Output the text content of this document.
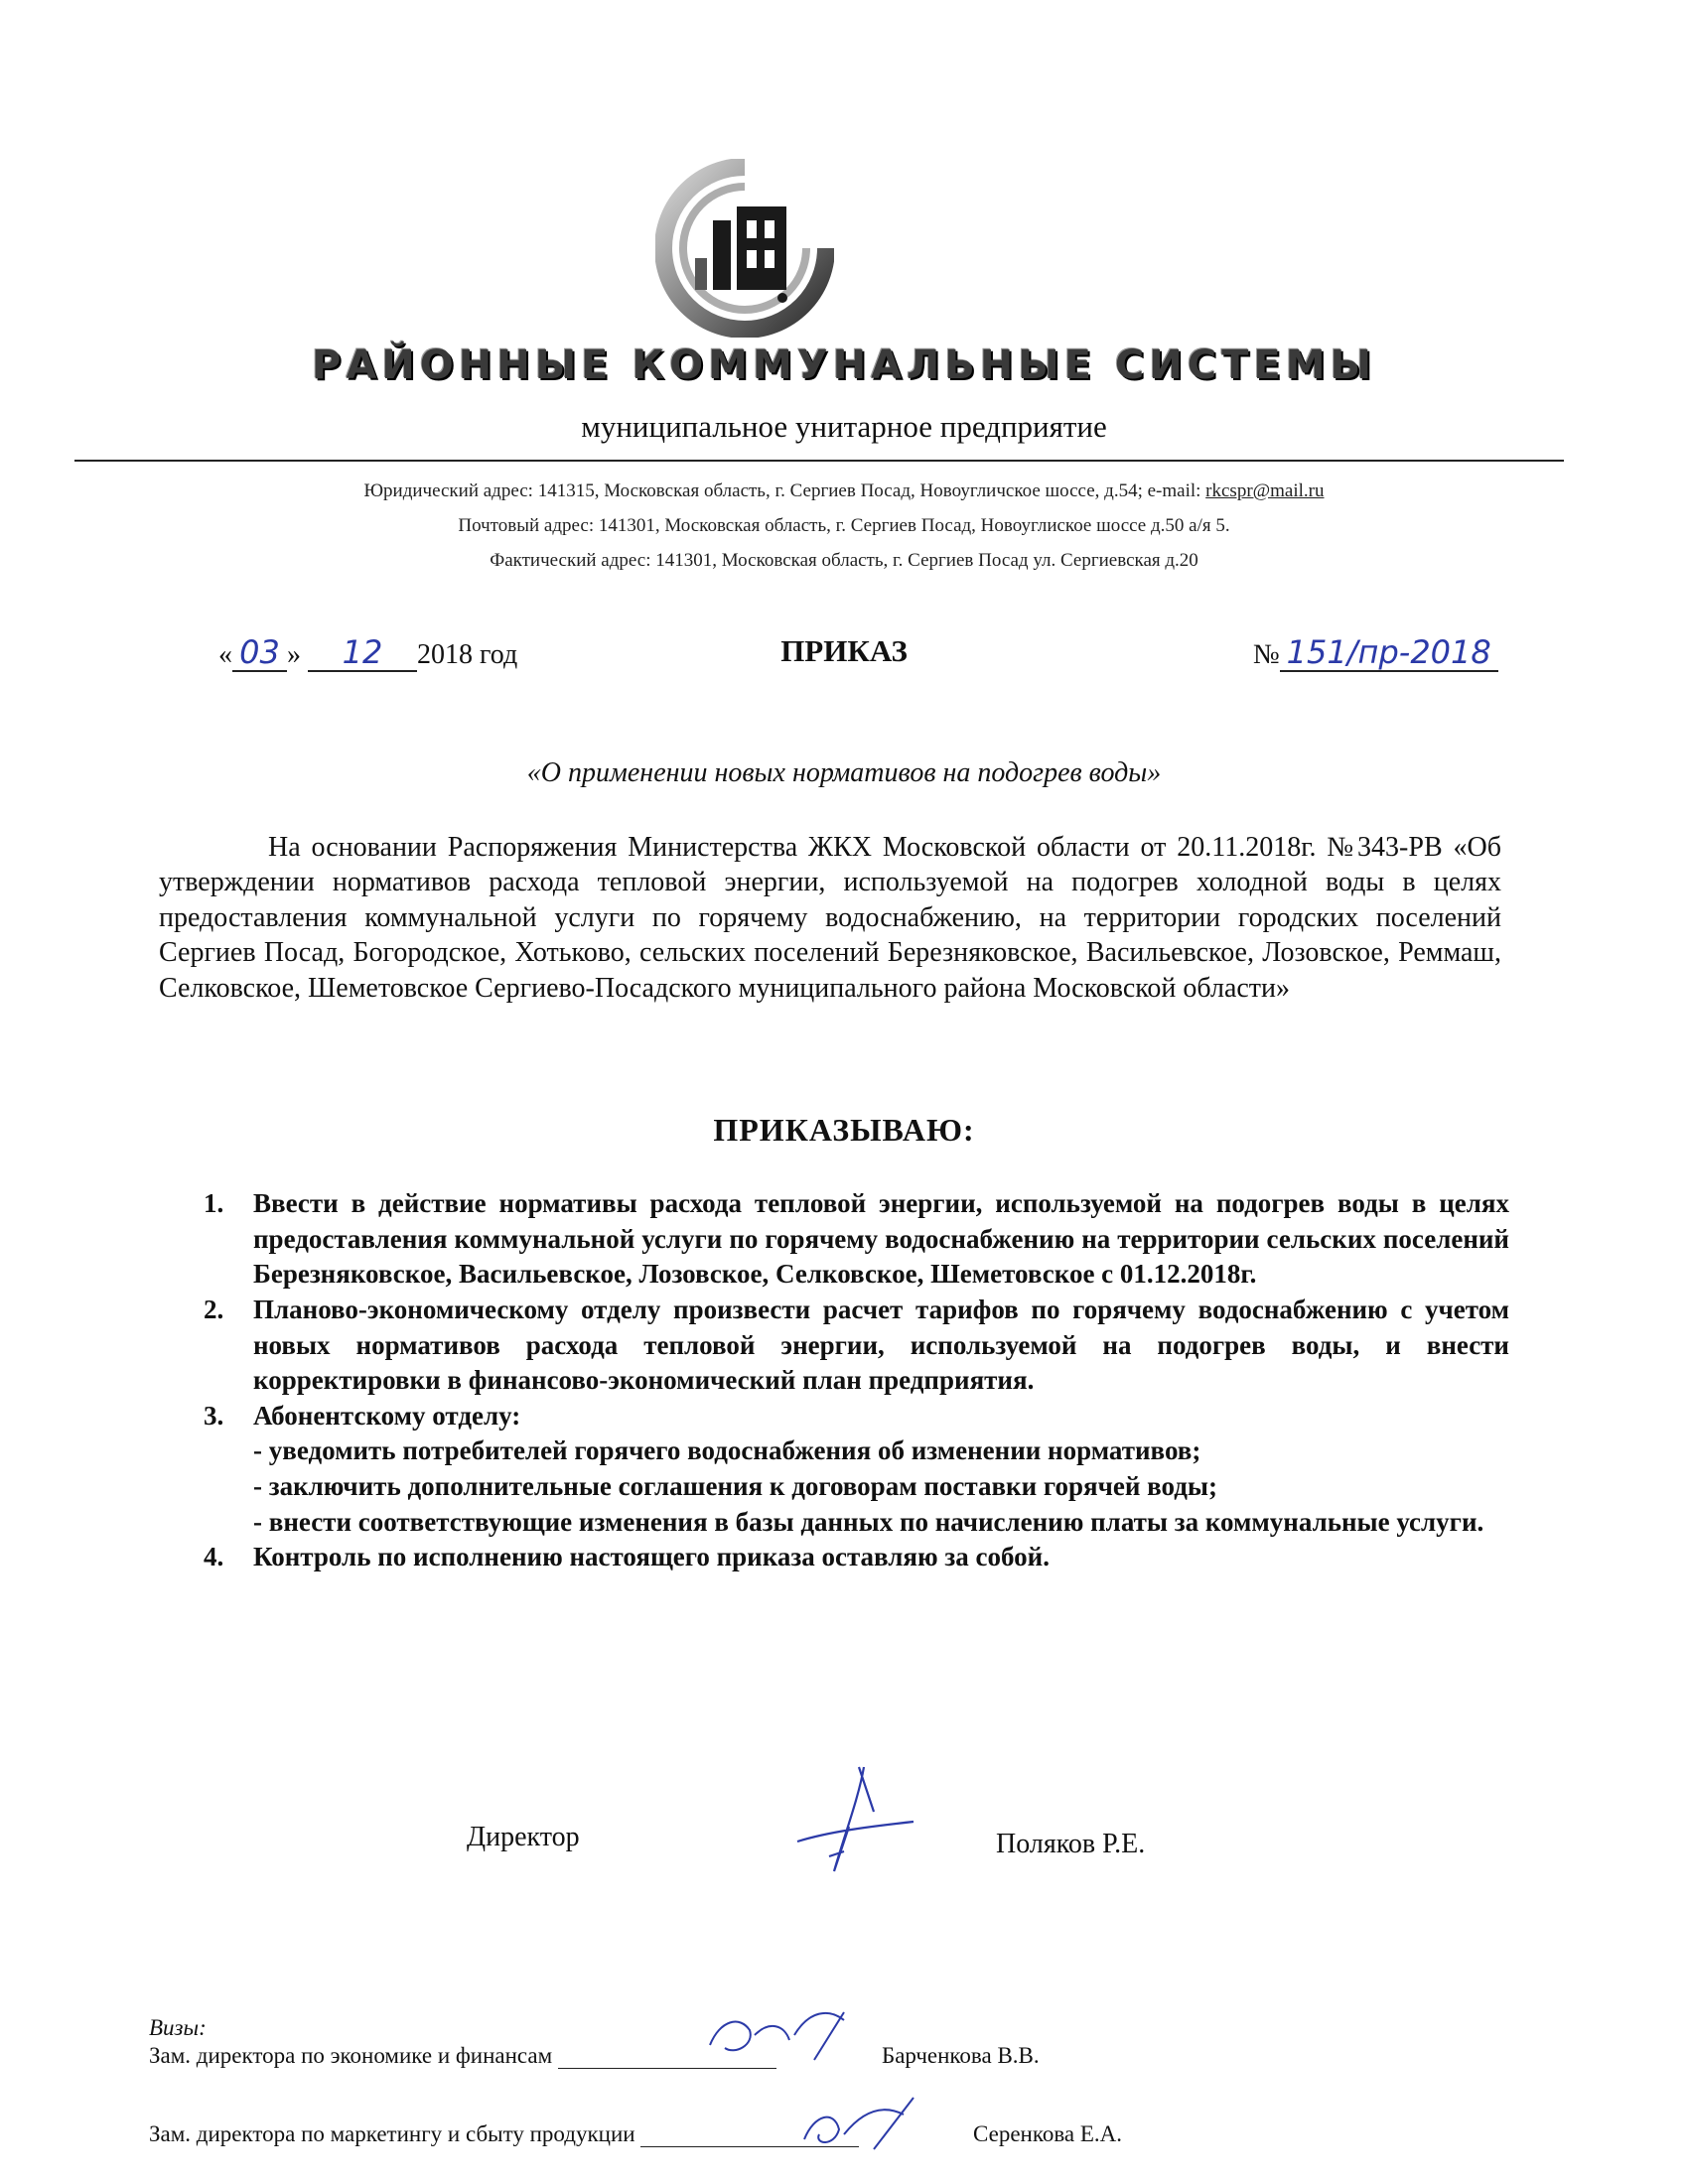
РАЙОННЫЕ КОММУНАЛЬНЫЕ СИСТЕМЫ
муниципальное унитарное предприятие
Юридический адрес: 141315, Московская область, г. Сергиев Посад, Новоугличское шоссе, д.54; e-mail: rkсspr@mail.ru
Почтовый адрес: 141301, Московская область, г. Сергиев Посад, Новоуглиское шоссе д.50 а/я 5.
Фактический адрес: 141301, Московская область, г. Сергиев Посад ул. Сергиевская д.20
« 03 » 12 2018 год	ПРИКАЗ	№ 151/пр-2018
«О применении новых нормативов на подогрев воды»

На основании Распоряжения Министерства ЖКХ Московской области от 20.11.2018г. №343-РВ «Об утверждении нормативов расхода тепловой энергии, используемой на подогрев холодной воды в целях предоставления коммунальной услуги по горячему водоснабжению, на территории городских поселений Сергиев Посад, Богородское, Хотьково, сельских поселений Березняковское, Васильевское, Лозовское, Реммаш, Селковское, Шеметовское Сергиево-Посадского муниципального района Московской области»

ПРИКАЗЫВАЮ:
1. Ввести в действие нормативы расхода тепловой энергии, используемой на подогрев воды в целях предоставления коммунальной услуги по горячему водоснабжению на территории сельских поселений Березняковское, Васильевское, Лозовское, Селковское, Шеметовское с 01.12.2018г.
2. Планово-экономическому отделу произвести расчет тарифов по горячему водоснабжению с учетом новых нормативов расхода тепловой энергии, используемой на подогрев воды, и внести корректировки в финансово-экономический план предприятия.
3. Абонентскому отделу:
- уведомить потребителей горячего водоснабжения об изменении нормативов;
- заключить дополнительные соглашения к договорам поставки горячей воды;
- внести соответствующие изменения в базы данных по начислению платы за коммунальные услуги.
4. Контроль по исполнению настоящего приказа оставляю за собой.
Директор	Поляков Р.Е.
Визы:
Зам. директора по экономике и финансам	Барченкова В.В.
Зам. директора по маркетингу и сбыту продукции	Серенкова Е.А.
